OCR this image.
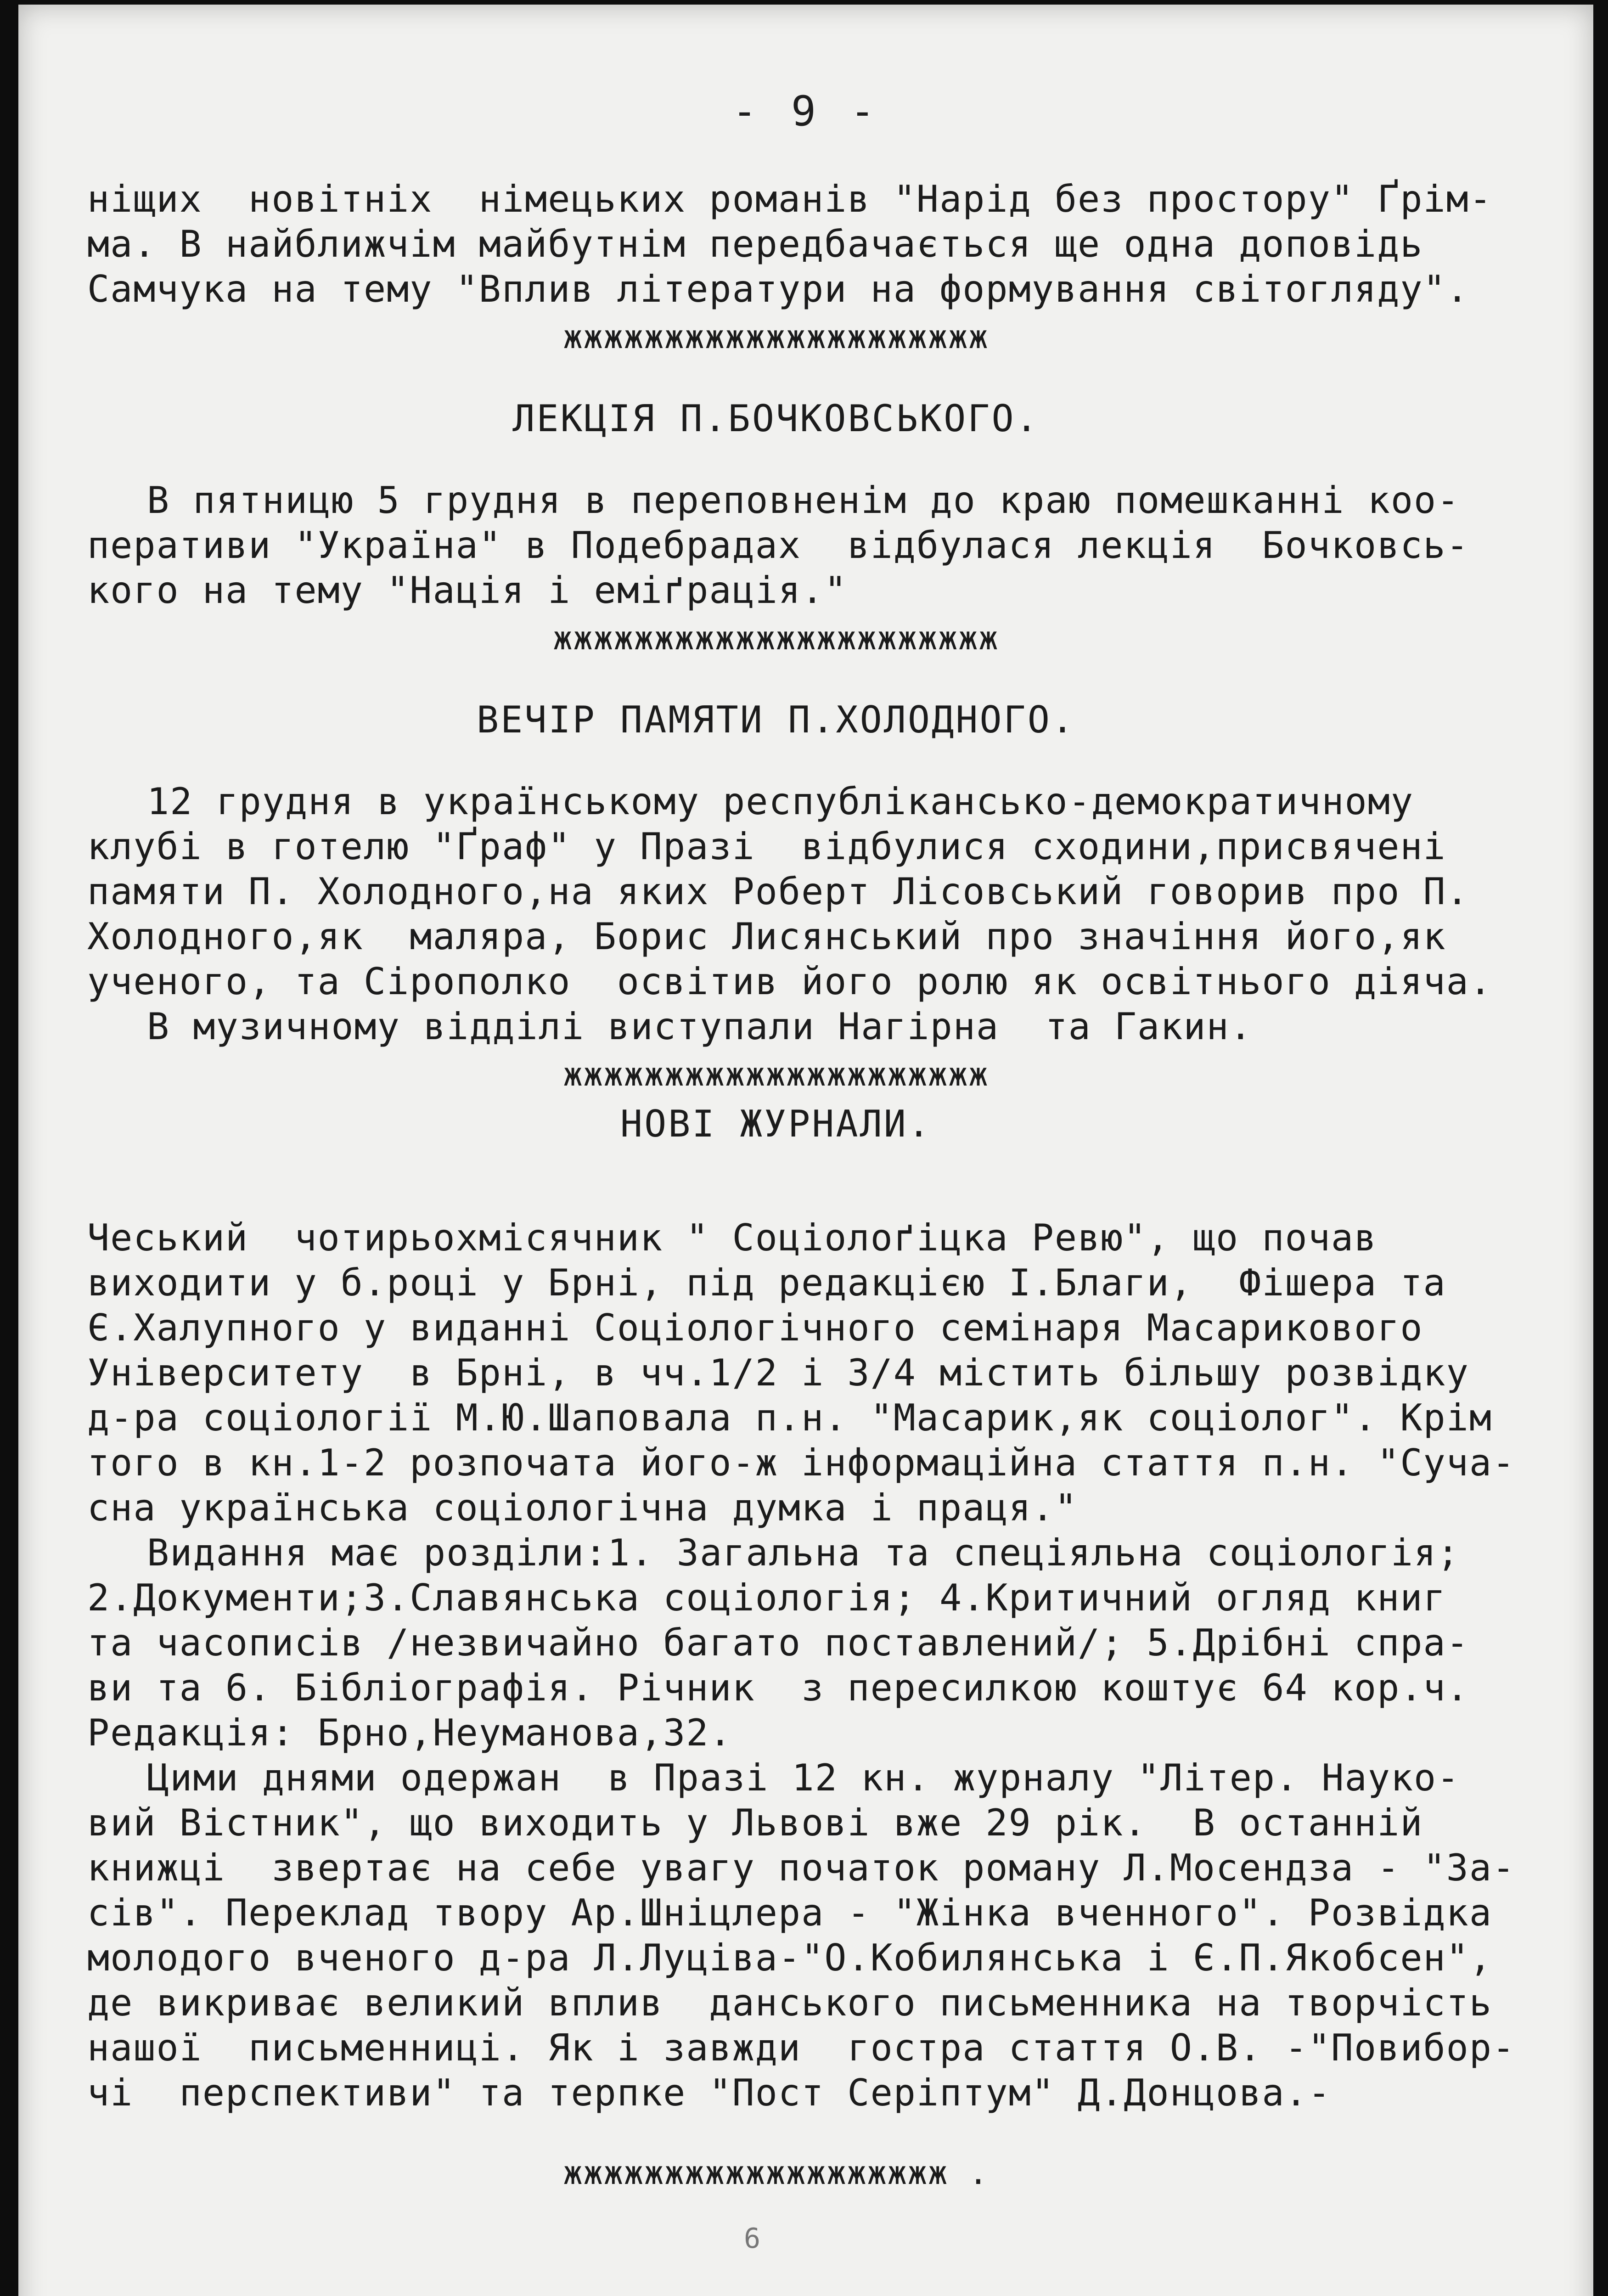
- 9 -
ніщих  новітніх  німецьких романів "Нарід без простору" Ґрім-
ма. В найближчім майбутнім передбачається ще одна доповідь
Самчука на тему "Вплив літератури на формування світогляду".
жжжжжжжжжжжжжжжжжжжжж
ЛЕКЦІЯ П.БОЧКОВСЬКОГО.
В пятницю 5 грудня в переповненім до краю помешканні коо-
перативи "Україна" в Подебрадах  відбулася лекція  Бочковсь-
кого на тему "Нація і еміґрація."
жжжжжжжжжжжжжжжжжжжжжж
ВЕЧІР ПАМЯТИ П.ХОЛОДНОГО.
12 грудня в українському республіканськo-демократичному
клубі в готелю "Ґраф" у Празі  відбулися сходини,присвячені
памяти П. Холодного,на яких Роберт Лісовський говорив про П.
Холодного,як  маляра, Борис Лисянський про значіння його,як
ученого, та Сірополко  освітив його ролю як освітнього діяча.
В музичному відділі виступали Нагірна  та Гакин.
жжжжжжжжжжжжжжжжжжжжж
НОВІ ЖУРНАЛИ.
Чеський  чотирьохмісячник " Соціолоґіцка Ревю", що почав
виходити у б.році у Брні, під редакцією І.Благи,  Фішера та
Є.Халупного у виданні Соціологічного семінаря Масарикового
Університету  в Брні, в чч.1/2 і 3/4 містить більшу розвідку
д-ра соціології М.Ю.Шаповала п.н. "Масарик,як соціолог". Крім
того в кн.1-2 розпочата його-ж інформаційна стаття п.н. "Суча-
сна українська соціологічна думка і праця."
Видання має розділи:1. Загальна та спеціяльна соціологія;
2.Документи;3.Славянська соціологія; 4.Критичний огляд книг
та часописів /незвичайно багато поставлений/; 5.Дрібні спра-
ви та 6. Бібліографія. Річник  з пересилкою коштує 64 кор.ч.
Редакція: Брно,Неуманова,32.
Цими днями одержан  в Празі 12 кн. журналу "Літер. Науко-
вий Вістник", що виходить у Львові вже 29 рік.  В останній
книжці  звертає на себе увагу початок роману Л.Мосендза - "За-
сів". Переклад твору Ар.Шніцлера - "Жінка вченного". Розвідка
молодого вченого д-ра Л.Луціва-"О.Кобилянська і Є.П.Якобсен",
де викриває великий вплив  данського письменника на творчість
нашої  письменниці. Як і завжди  гостра стаття О.В. -"Повибор-
чі  перспективи" та терпке "Пост Серіптум" Д.Донцова.-
жжжжжжжжжжжжжжжжжжж .
6
